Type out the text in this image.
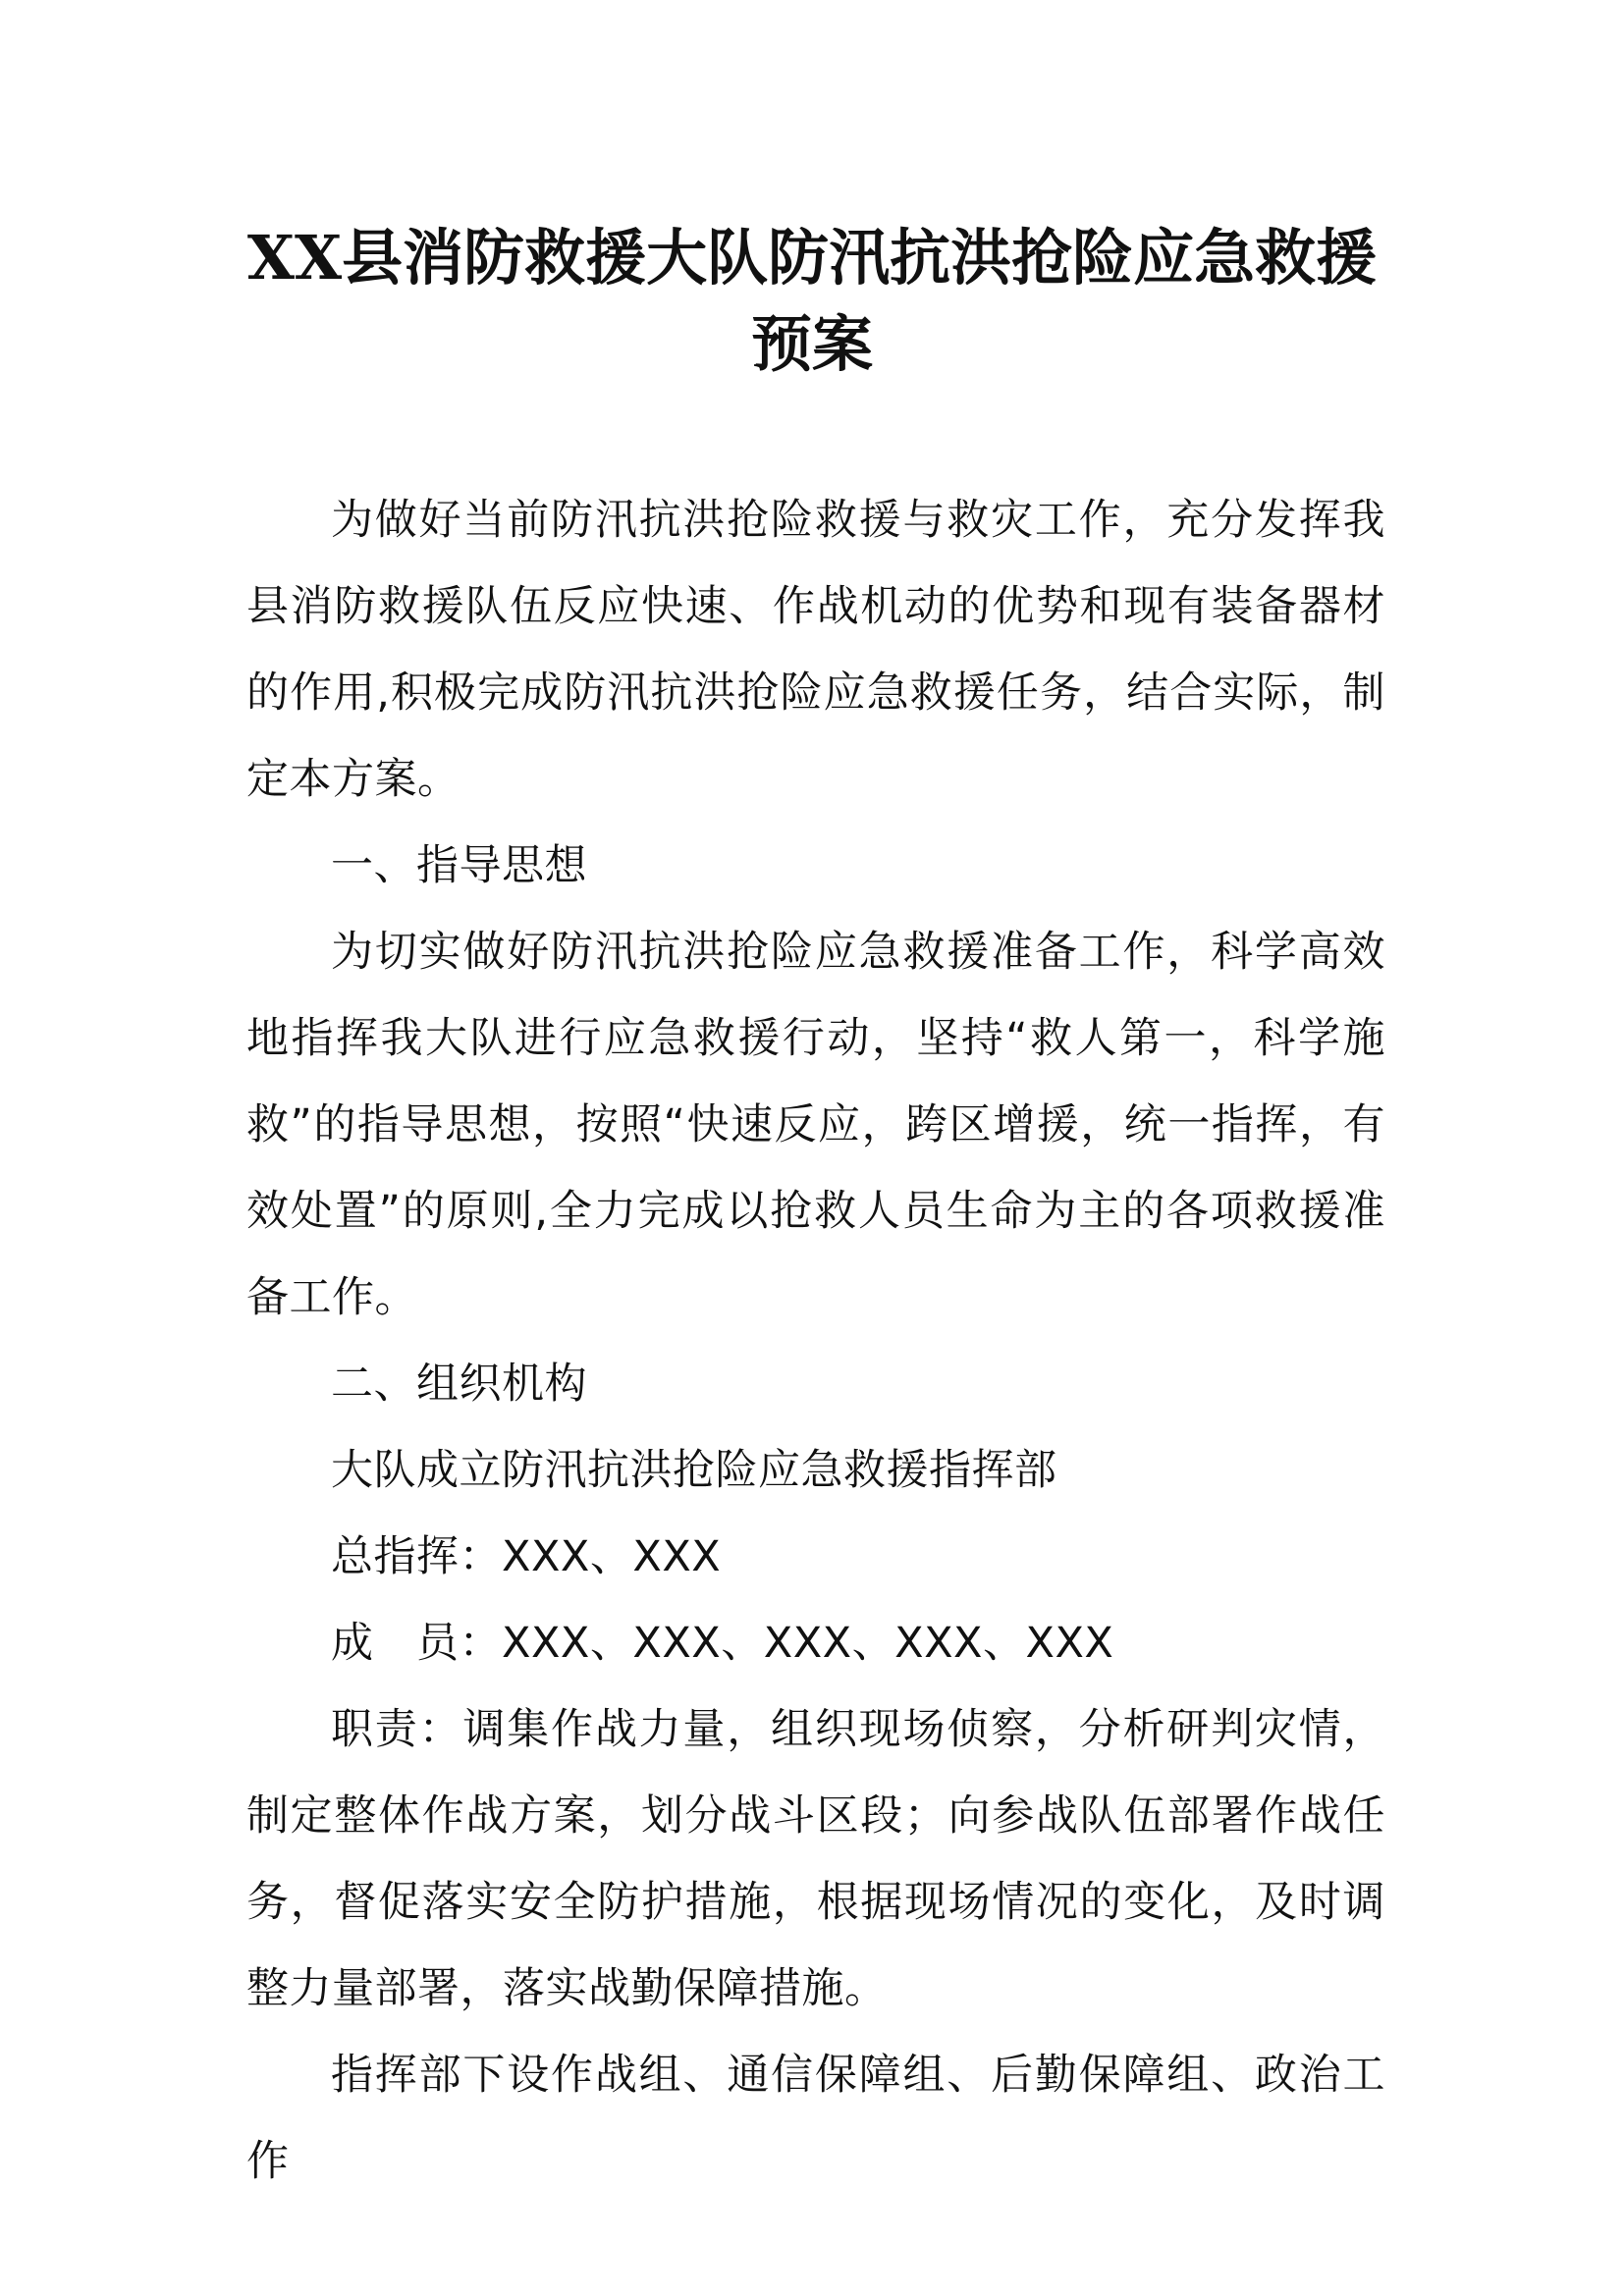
XX县消防救援大队防汛抗洪抢险应急救援
预案

为做好当前防汛抗洪抢险救援与救灾工作，充分发挥我县消防救援队伍反应快速、作战机动的优势和现有装备器材的作用,积极完成防汛抗洪抢险应急救援任务，结合实际，制定本方案。

一、指导思想

为切实做好防汛抗洪抢险应急救援准备工作，科学高效地指挥我大队进行应急救援行动，坚持“救人第一，科学施救”的指导思想，按照“快速反应，跨区增援，统一指挥，有效处置”的原则,全力完成以抢救人员生命为主的各项救援准备工作。

二、组织机构

大队成立防汛抗洪抢险应急救援指挥部

总指挥：XXX、XXX

成　员：XXX、XXX、XXX、XXX、XXX

职责：调集作战力量，组织现场侦察，分析研判灾情，制定整体作战方案，划分战斗区段；向参战队伍部署作战任务，督促落实安全防护措施，根据现场情况的变化，及时调整力量部署，落实战勤保障措施。

指挥部下设作战组、通信保障组、后勤保障组、政治工作
